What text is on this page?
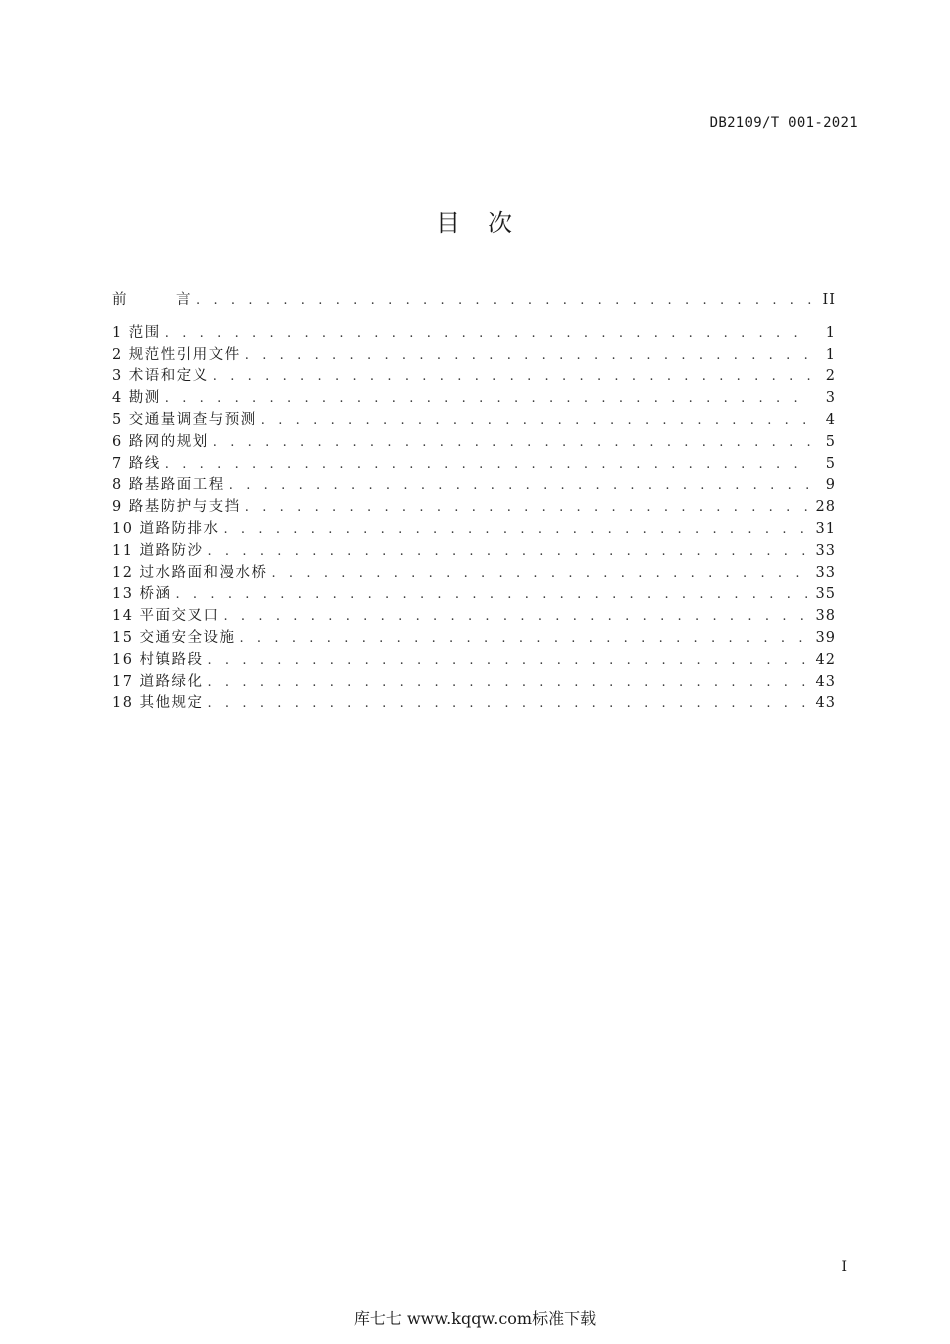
DB2109/T 001-2021
目 次
前	言 . . .	II
1 范围 . . .	1
2 规范性引用文件 . . .	1
3 术语和定义 . . .	2
4 勘测 . . .	3
5 交通量调查与预测 . . .	4
6 路网的规划 . . .	5
7 路线 . . .	5
8 路基路面工程 . . .	9
9 路基防护与支挡 . . .	28
10 道路防排水 . . .	31
11 道路防沙 . . .	33
12 过水路面和漫水桥 . . .	33
13 桥涵 . . .	35
14 平面交叉口 . . .	38
15 交通安全设施 . . .	39
16 村镇路段 . . .	42
17 道路绿化 . . .	43
18 其他规定 . . .	43
I
库七七 www.kqqw.com标准下载
